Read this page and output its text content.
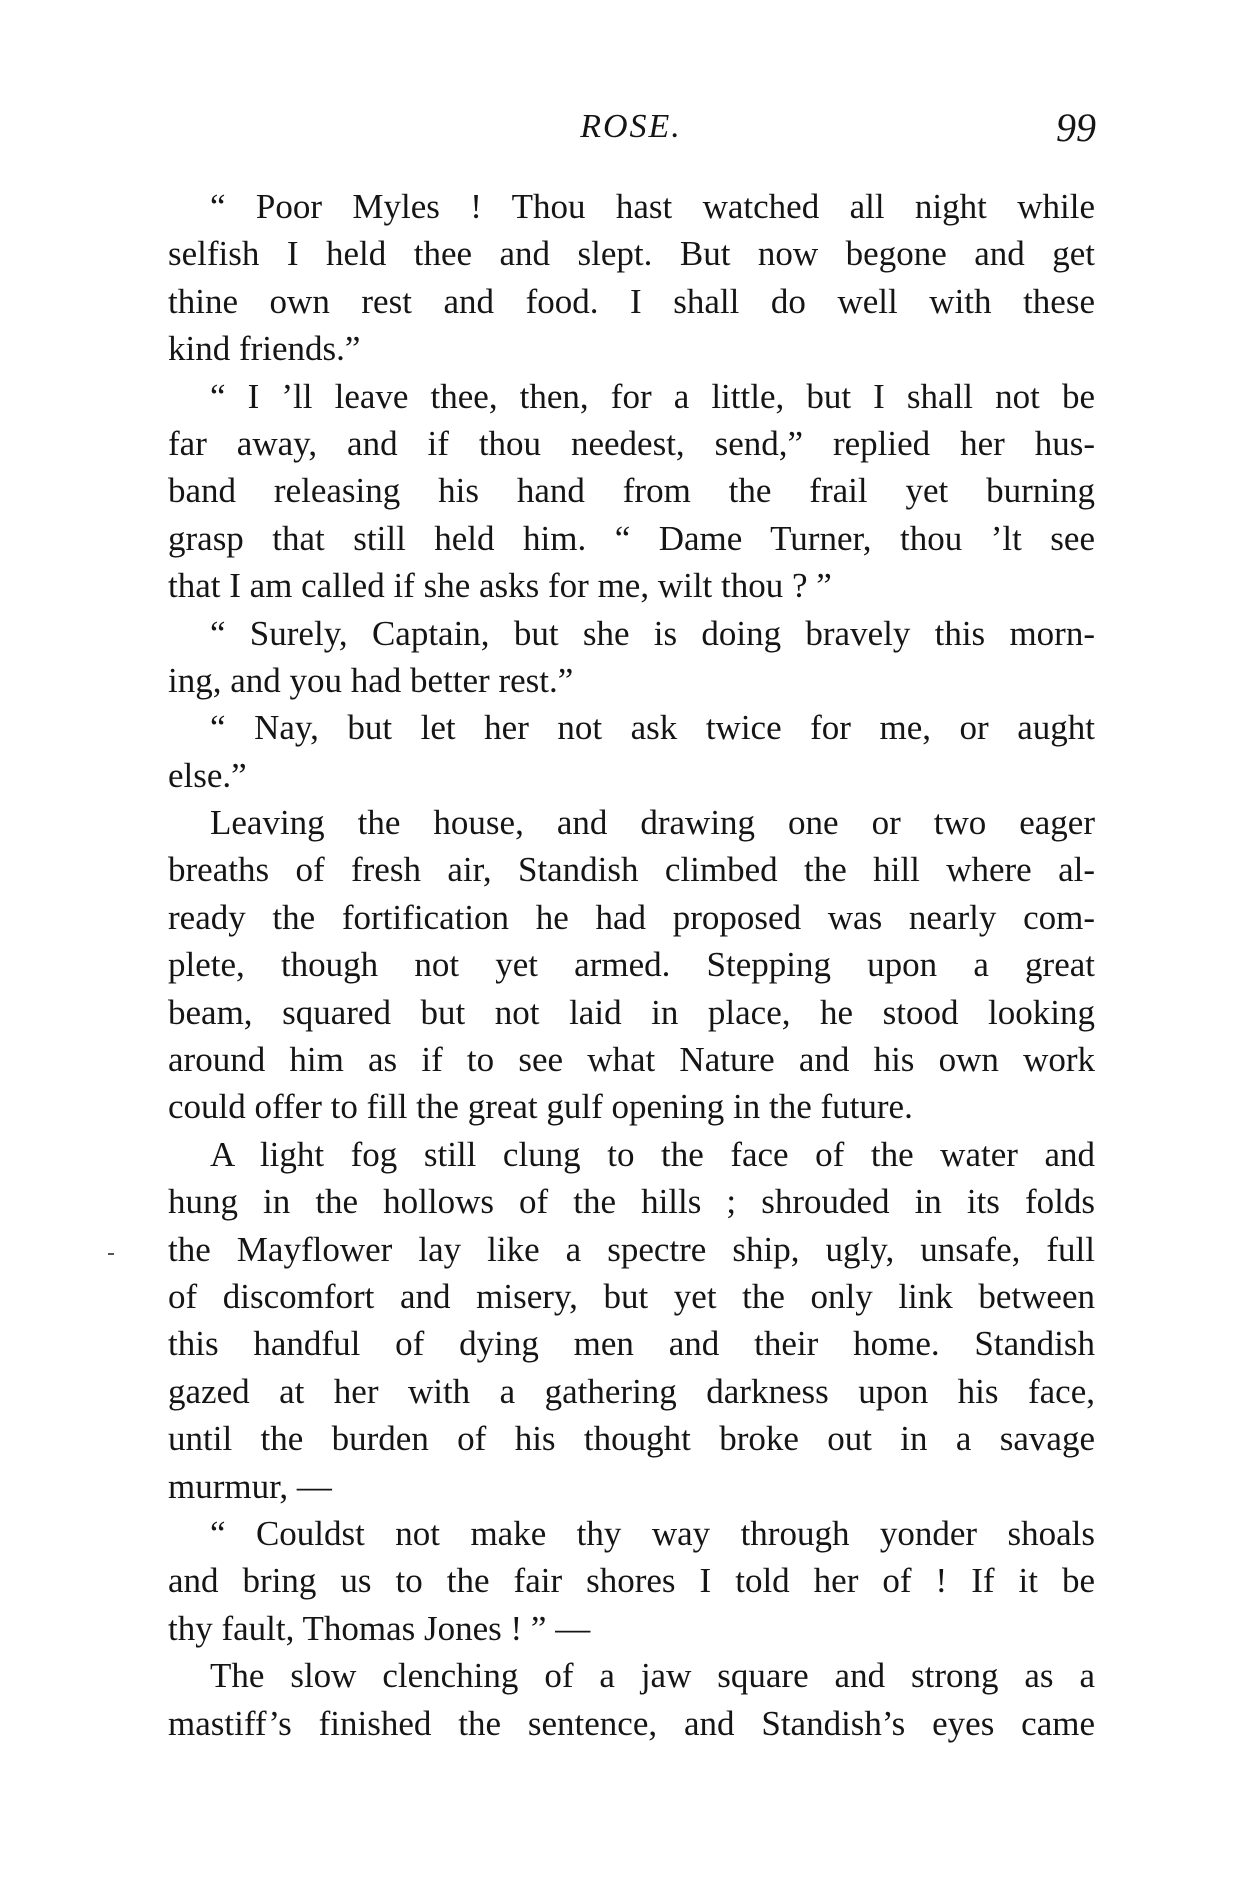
ROSE.	99
“ Poor Myles ! Thou hast watched all night while
selfish I held thee and slept. But now begone and get
thine own rest and food. I shall do well with these
kind friends.”
“ I ’ll leave thee, then, for a little, but I shall not be
far away, and if thou needest, send,” replied her hus-
band releasing his hand from the frail yet burning
grasp that still held him. “ Dame Turner, thou ’lt see
that I am called if she asks for me, wilt thou ? ”
“ Surely, Captain, but she is doing bravely this morn-
ing, and you had better rest.”
“ Nay, but let her not ask twice for me, or aught
else.”
Leaving the house, and drawing one or two eager
breaths of fresh air, Standish climbed the hill where al-
ready the fortification he had proposed was nearly com-
plete, though not yet armed. Stepping upon a great
beam, squared but not laid in place, he stood looking
around him as if to see what Nature and his own work
could offer to fill the great gulf opening in the future.
A light fog still clung to the face of the water and
hung in the hollows of the hills ; shrouded in its folds
the Mayflower lay like a spectre ship, ugly, unsafe, full
of discomfort and misery, but yet the only link between
this handful of dying men and their home. Standish
gazed at her with a gathering darkness upon his face,
until the burden of his thought broke out in a savage
murmur, —
“ Couldst not make thy way through yonder shoals
and bring us to the fair shores I told her of ! If it be
thy fault, Thomas Jones ! ” —
The slow clenching of a jaw square and strong as a
mastiff’s finished the sentence, and Standish’s eyes came
